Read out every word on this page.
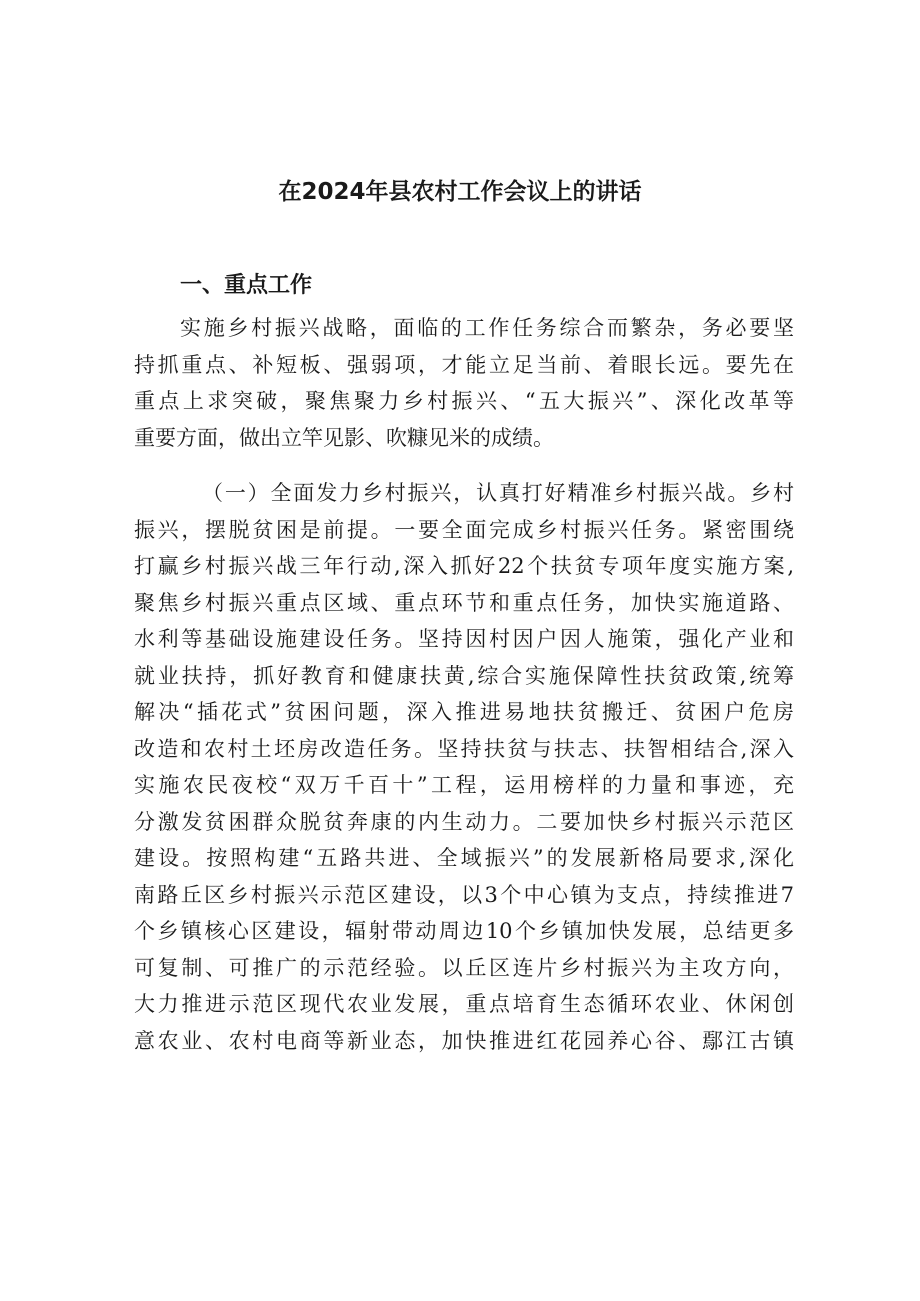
在2024年县农村工作会议上的讲话
一、重点工作

实施乡村振兴战略，面临的工作任务综合而繁杂，务必要坚
持抓重点、补短板、强弱项，才能立足当前、着眼长远。要先在
重点上求突破，聚焦聚力乡村振兴、“五大振兴”、深化改革等
重要方面，做出立竿见影、吹糠见米的成绩。

（一）全面发力乡村振兴，认真打好精准乡村振兴战。乡村
振兴，摆脱贫困是前提。一要全面完成乡村振兴任务。紧密围绕
打赢乡村振兴战三年行动,深入抓好22个扶贫专项年度实施方案,
聚焦乡村振兴重点区域、重点环节和重点任务，加快实施道路、
水利等基础设施建设任务。坚持因村因户因人施策，强化产业和
就业扶持，抓好教育和健康扶黄,综合实施保障性扶贫政策,统筹
解决“插花式”贫困问题，深入推进易地扶贫搬迁、贫困户危房
改造和农村土坯房改造任务。坚持扶贫与扶志、扶智相结合,深入
实施农民夜校“双万千百十”工程，运用榜样的力量和事迹，充
分激发贫困群众脱贫奔康的内生动力。二要加快乡村振兴示范区
建设。按照构建“五路共进、全域振兴”的发展新格局要求,深化
南路丘区乡村振兴示范区建设，以3个中心镇为支点，持续推进7
个乡镇核心区建设，辐射带动周边10个乡镇加快发展，总结更多
可复制、可推广的示范经验。以丘区连片乡村振兴为主攻方向，
大力推进示范区现代农业发展，重点培育生态循环农业、休闲创
意农业、农村电商等新业态，加快推进红花园养心谷、鄢江古镇
